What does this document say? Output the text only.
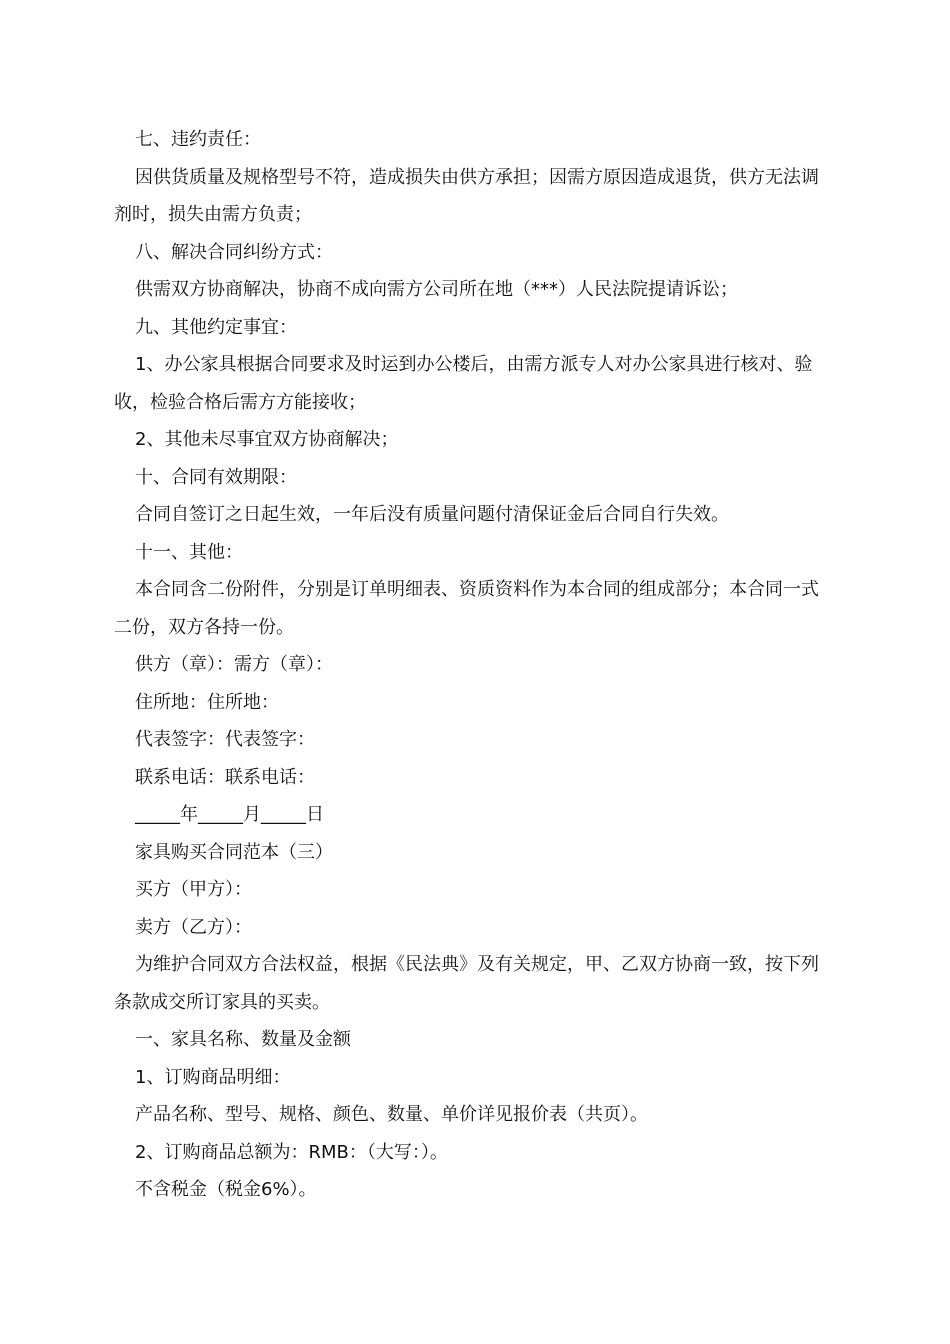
七、违约责任：

因供货质量及规格型号不符，造成损失由供方承担；因需方原因造成退货，供方无法调剂时，损失由需方负责；

八、解决合同纠纷方式：

供需双方协商解决，协商不成向需方公司所在地（***）人民法院提请诉讼；

九、其他约定事宜：

1、办公家具根据合同要求及时运到办公楼后，由需方派专人对办公家具进行核对、验收，检验合格后需方方能接收；

2、其他未尽事宜双方协商解决；

十、合同有效期限：

合同自签订之日起生效，一年后没有质量问题付清保证金后合同自行失效。

十一、其他：

本合同含二份附件，分别是订单明细表、资质资料作为本合同的组成部分；本合同一式二份，双方各持一份。

供方（章）：需方（章）：

住所地：住所地：

代表签字：代表签字：

联系电话：联系电话：

_____年_____月_____日

家具购买合同范本（三）

买方（甲方）：

卖方（乙方）：

为维护合同双方合法权益，根据《民法典》及有关规定，甲、乙双方协商一致，按下列条款成交所订家具的买卖。

一、家具名称、数量及金额

1、订购商品明细：

产品名称、型号、规格、颜色、数量、单价详见报价表（共页）。

2、订购商品总额为：RMB：（大写：）。

不含税金（税金6%）。
